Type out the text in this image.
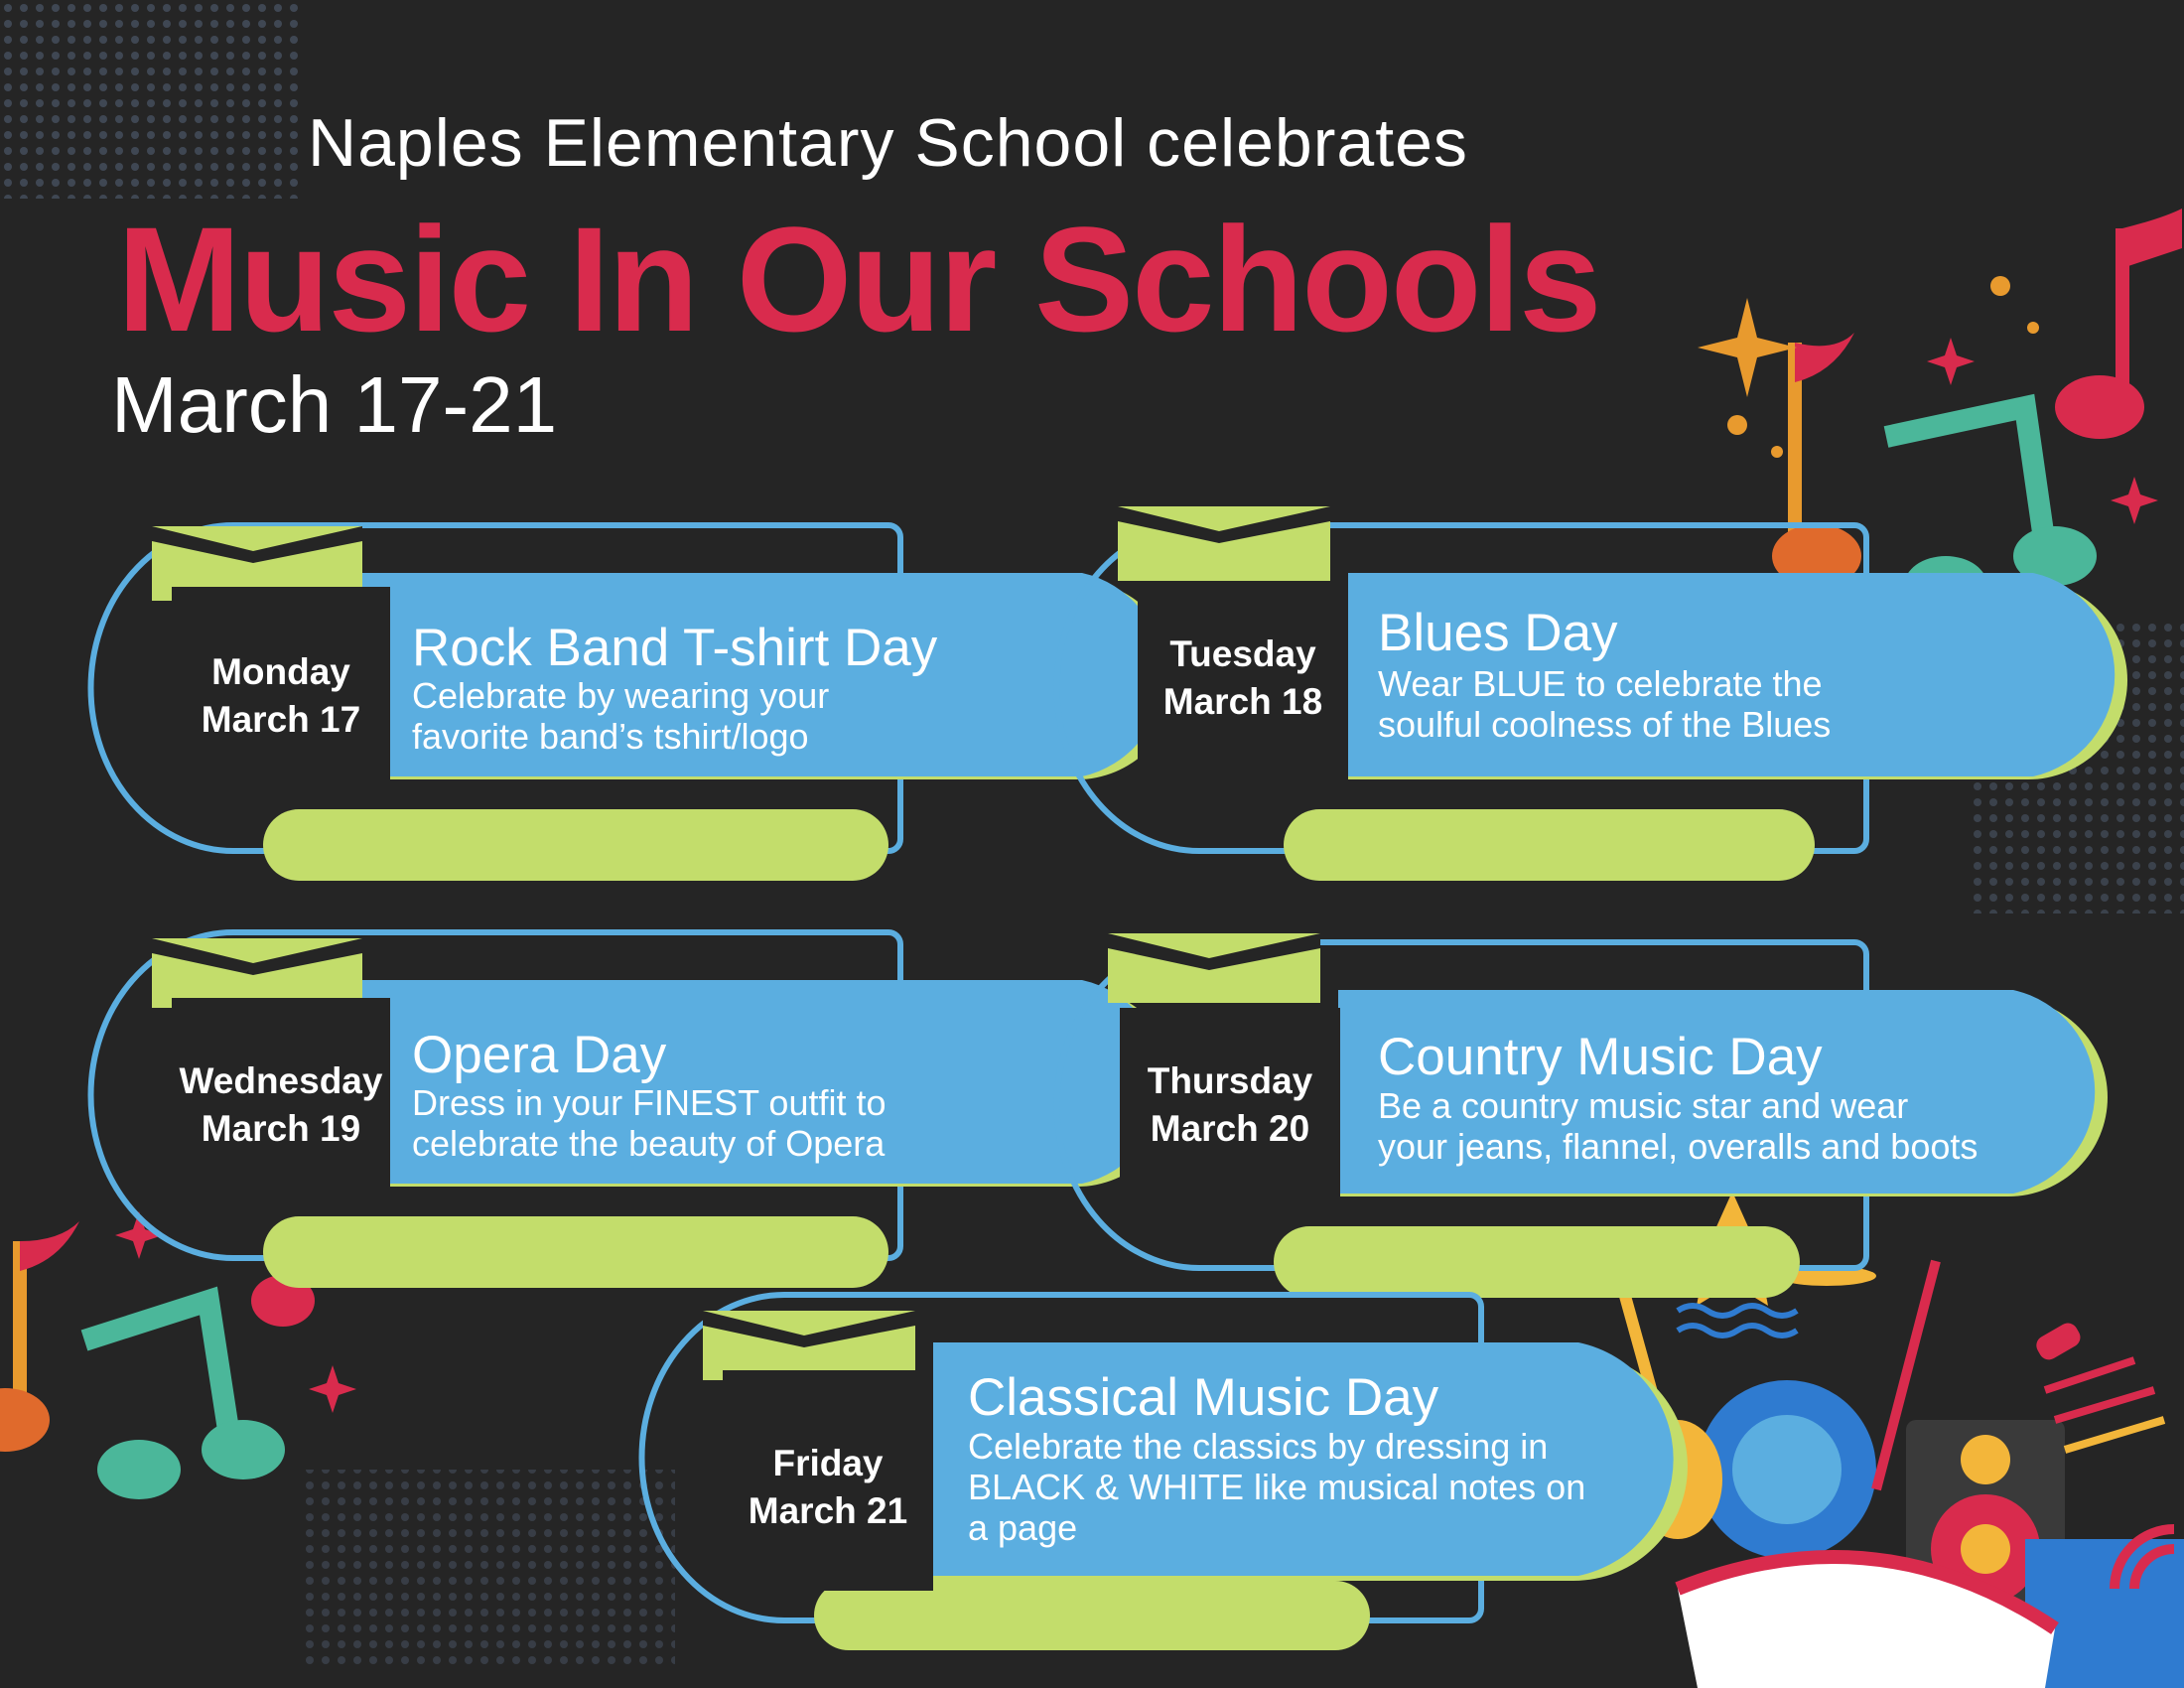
Naples Elementary School celebrates
Music In Our Schools
March 17-21
Monday
March 17
Rock Band T-shirt Day
Celebrate by wearing your
favorite band’s tshirt/logo
Tuesday
March 18
Blues Day
Wear BLUE to celebrate the
soulful coolness of the Blues
Wednesday
March 19
Opera Day
Dress in your FINEST outfit to
celebrate the beauty of Opera
Thursday
March 20
Country Music Day
Be a country music star and wear
your jeans, flannel, overalls and boots
Friday
March 21
Classical Music Day
Celebrate the classics by dressing in
BLACK & WHITE like musical notes on
a page
